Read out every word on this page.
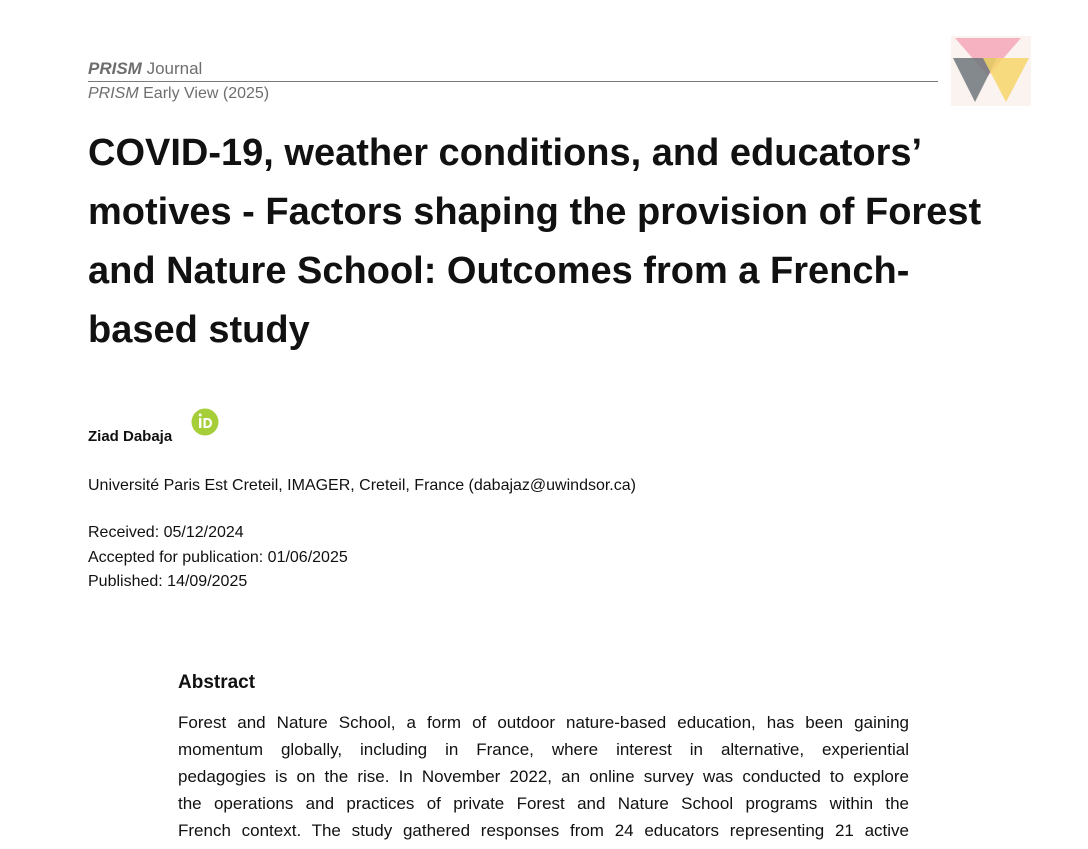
PRISM Journal
PRISM Early View (2025)
COVID-19, weather conditions, and educators’ motives - Factors shaping the provision of Forest and Nature School: Outcomes from a French-based study
Ziad Dabaja
Université Paris Est Creteil, IMAGER, Creteil, France (dabajaz@uwindsor.ca)
Received: 05/12/2024
Accepted for publication: 01/06/2025
Published: 14/09/2025
Abstract
Forest and Nature School, a form of outdoor nature-based education, has been gaining
momentum globally, including in France, where interest in alternative, experiential
pedagogies is on the rise. In November 2022, an online survey was conducted to explore
the operations and practices of private Forest and Nature School programs within the
French context. The study gathered responses from 24 educators representing 21 active
